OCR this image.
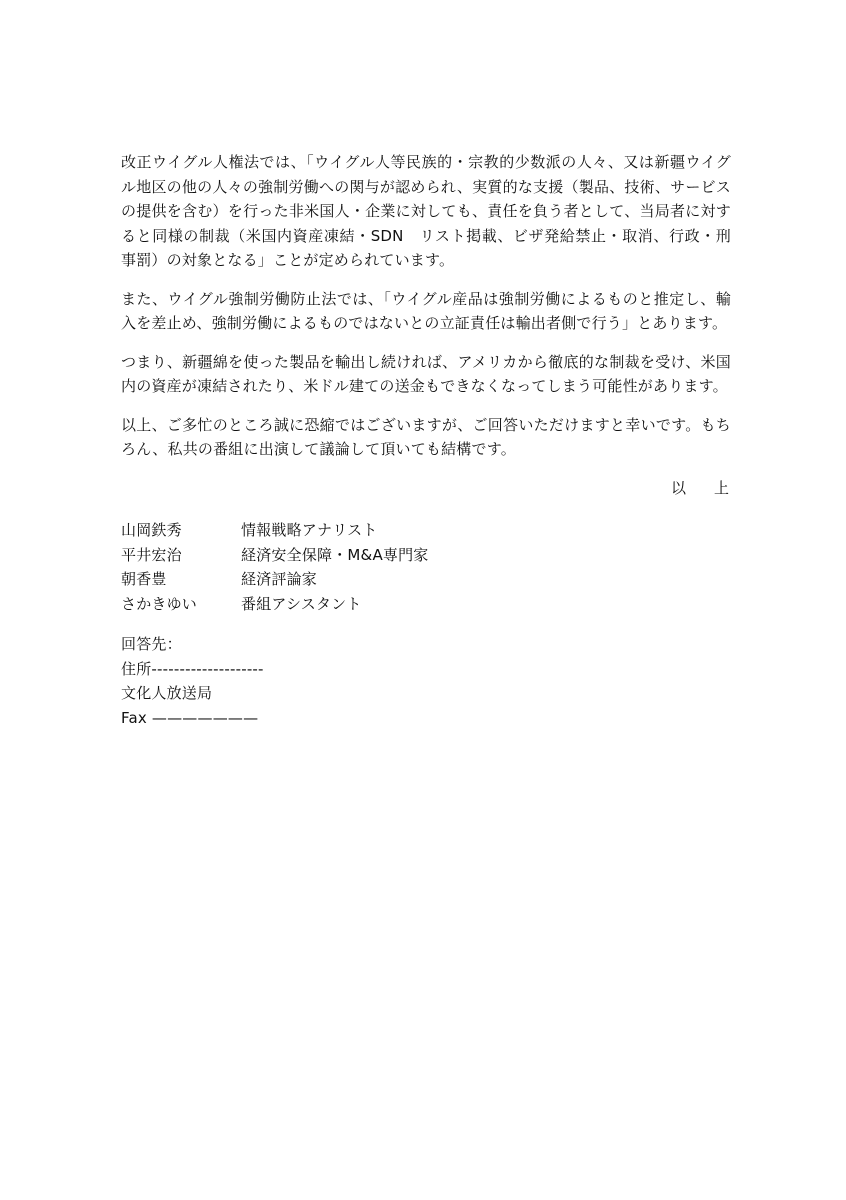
改正ウイグル人権法では、「ウイグル人等民族的・宗教的少数派の人々、又は新疆ウイグル地区の他の人々の強制労働への関与が認められ、実質的な支援（製品、技術、サービスの提供を含む）を行った非米国人・企業に対しても、責任を負う者として、当局者に対すると同様の制裁（米国内資産凍結・SDN　リスト掲載、ビザ発給禁止・取消、行政・刑事罰）の対象となる」ことが定められています。

また、ウイグル強制労働防止法では、「ウイグル産品は強制労働によるものと推定し、輸入を差止め、強制労働によるものではないとの立証責任は輸出者側で行う」とあります。

つまり、新疆綿を使った製品を輸出し続ければ、アメリカから徹底的な制裁を受け、米国内の資産が凍結されたり、米ドル建ての送金もできなくなってしまう可能性があります。

以上、ご多忙のところ誠に恐縮ではございますが、ご回答いただけますと幸いです。もちろん、私共の番組に出演して議論して頂いても結構です。

以 上
山岡鉄秀	情報戦略アナリスト
平井宏治	経済安全保障・M&A専門家
朝香豊	経済評論家
さかきゆい	番組アシスタント
回答先：
住所--------------------
文化人放送局
Fax ———————
